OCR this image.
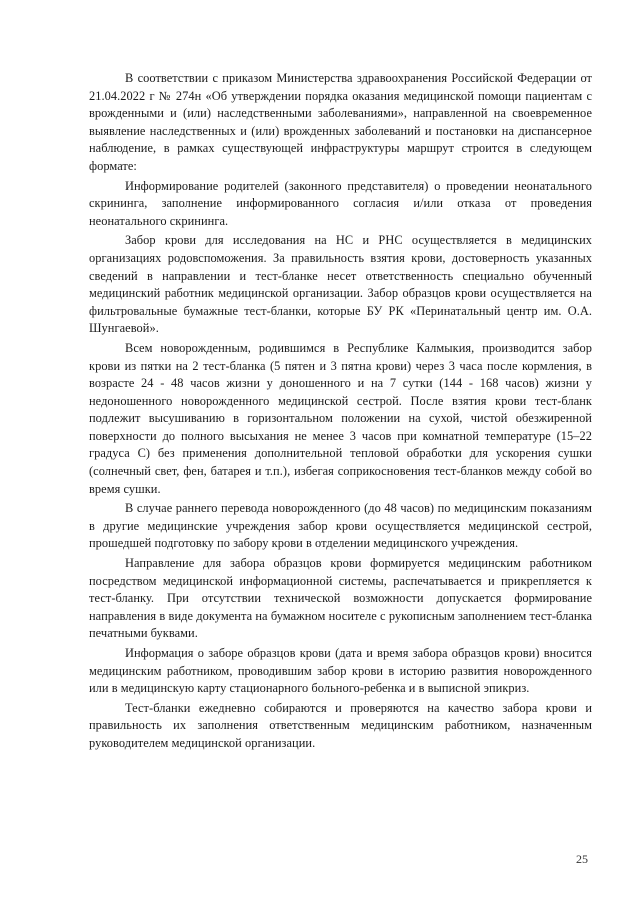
В соответствии с приказом Министерства здравоохранения Российской Федерации от 21.04.2022 г № 274н «Об утверждении порядка оказания медицинской помощи пациентам с врожденными и (или) наследственными заболеваниями», направленной на своевременное выявление наследственных и (или) врожденных заболеваний и постановки на диспансерное наблюдение, в рамках существующей инфраструктуры маршрут строится в следующем формате:

Информирование родителей (законного представителя) о проведении неонатального скрининга, заполнение информированного согласия и/или отказа от проведения неонатального скрининга.

Забор крови для исследования на НС и РНС осуществляется в медицинских организациях родовспоможения. За правильность взятия крови, достоверность указанных сведений в направлении и тест-бланке несет ответственность специально обученный медицинский работник медицинской организации. Забор образцов крови осуществляется на фильтровальные бумажные тест-бланки, которые БУ РК «Перинатальный центр им. О.А. Шунгаевой».

Всем новорожденным, родившимся в Республике Калмыкия, производится забор крови из пятки на 2 тест-бланка (5 пятен и 3 пятна крови) через 3 часа после кормления, в возрасте 24 - 48 часов жизни у доношенного и на 7 сутки (144 - 168 часов) жизни у недоношенного новорожденного медицинской сестрой. После взятия крови тест-бланк подлежит высушиванию в горизонтальном положении на сухой, чистой обезжиренной поверхности до полного высыхания не менее 3 часов при комнатной температуре (15–22 градуса С) без применения дополнительной тепловой обработки для ускорения сушки (солнечный свет, фен, батарея и т.п.), избегая соприкосновения тест-бланков между собой во время сушки.

В случае раннего перевода новорожденного (до 48 часов) по медицинским показаниям в другие медицинские учреждения забор крови осуществляется медицинской сестрой, прошедшей подготовку по забору крови в отделении медицинского учреждения.

Направление для забора образцов крови формируется медицинским работником посредством медицинской информационной системы, распечатывается и прикрепляется к тест-бланку. При отсутствии технической возможности допускается формирование направления в виде документа на бумажном носителе с рукописным заполнением тест-бланка печатными буквами.

Информация о заборе образцов крови (дата и время забора образцов крови) вносится медицинским работником, проводившим забор крови в историю развития новорожденного или в медицинскую карту стационарного больного-ребенка и в выписной эпикриз.

Тест-бланки ежедневно собираются и проверяются на качество забора крови и правильность их заполнения ответственным медицинским работником, назначенным руководителем медицинской организации.

25
